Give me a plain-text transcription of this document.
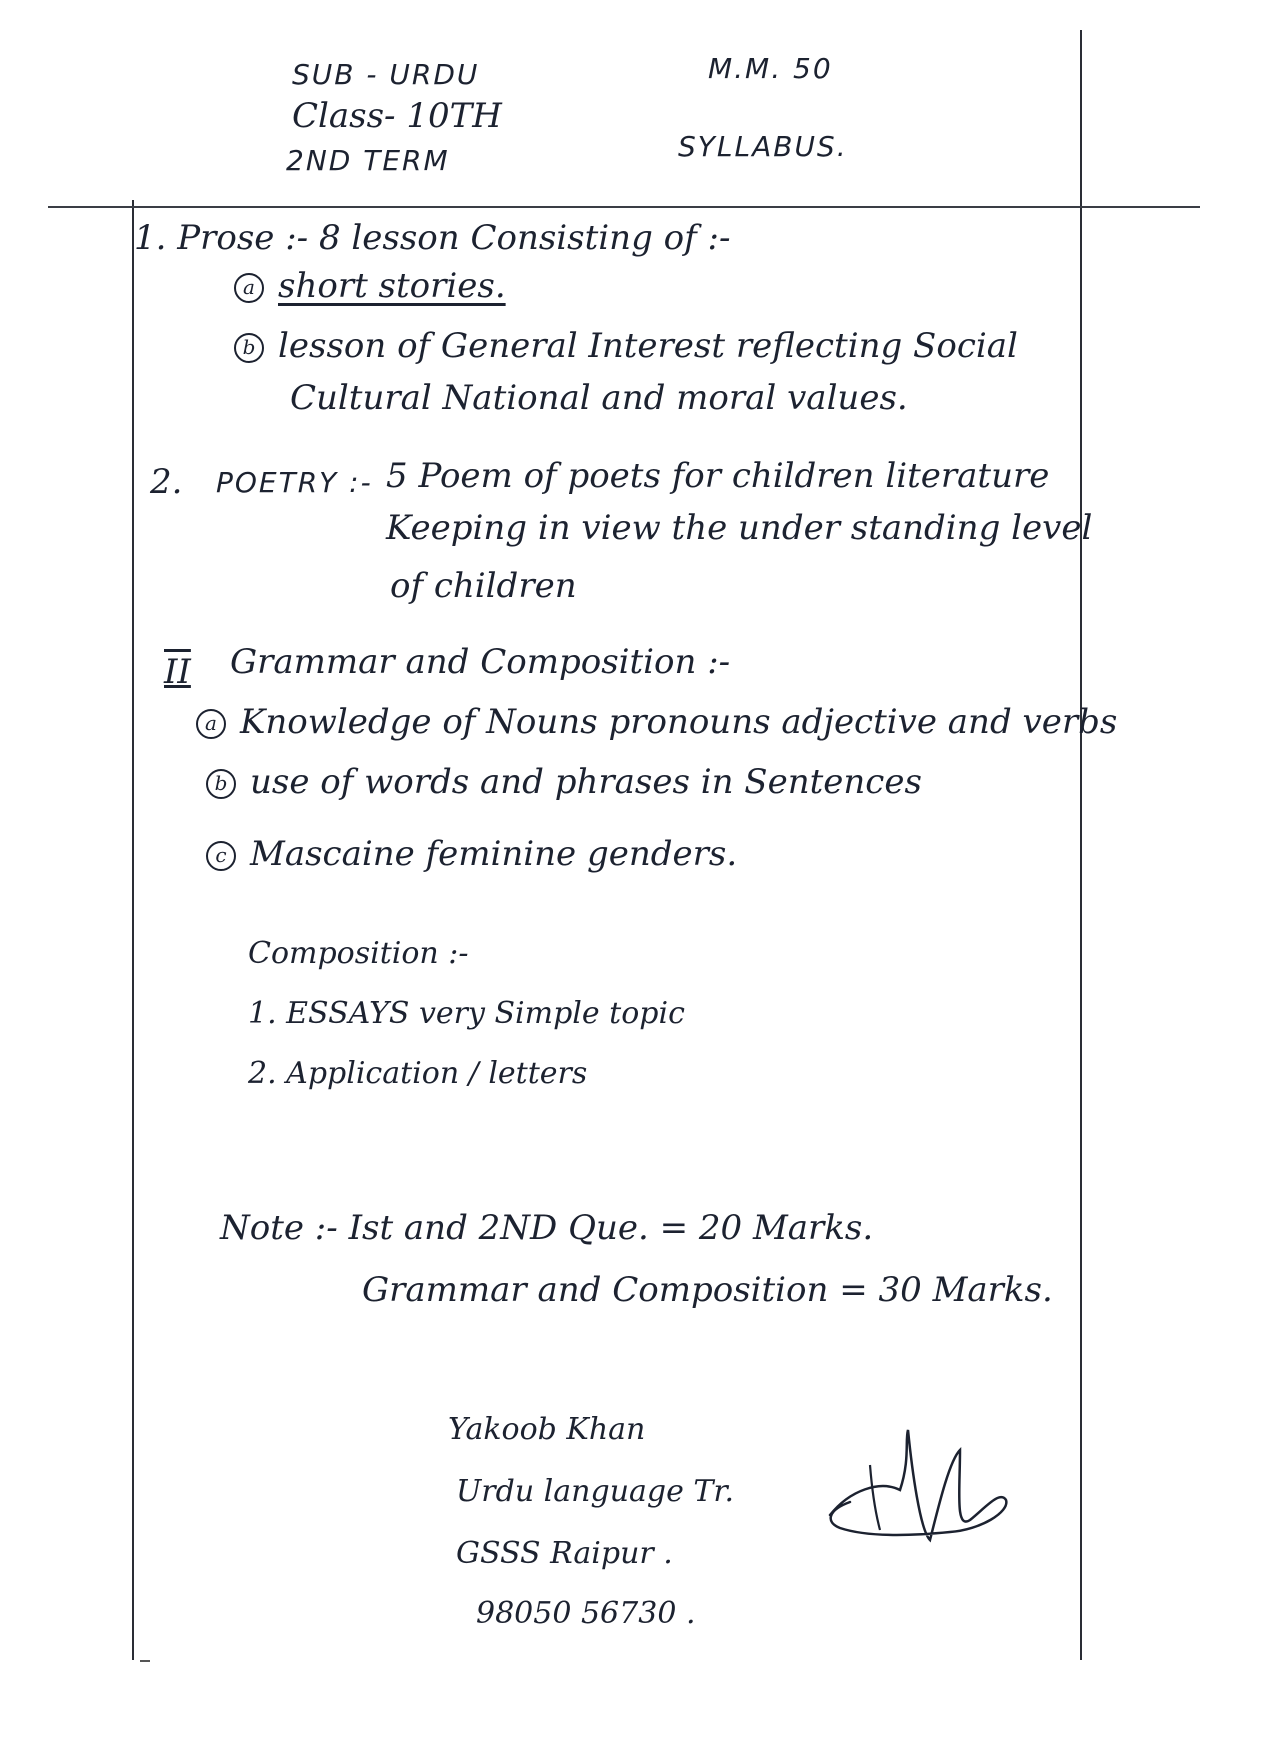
SUB - URDU	M.M. 50
Class- 10TH
2ND TERM	SYLLABUS.
1. Prose :- 8 lesson Consisting of :-
a short stories.
b lesson of General Interest reflecting Social
Cultural National and moral values.
2. POETRY :- 5 Poem of poets for children literature
Keeping in view the under standing level
of children
II Grammar and Composition :-
a Knowledge of Nouns pronouns adjective and verbs
b use of words and phrases in Sentences
c Mascaine feminine genders.
Composition :-
1. ESSAYS very Simple topic
2. Application / letters
Note :- Ist and 2ND Que. = 20 Marks.
Grammar and Composition = 30 Marks.
Yakoob Khan
Urdu language Tr.
GSSS Raipur .
98050 56730 .
